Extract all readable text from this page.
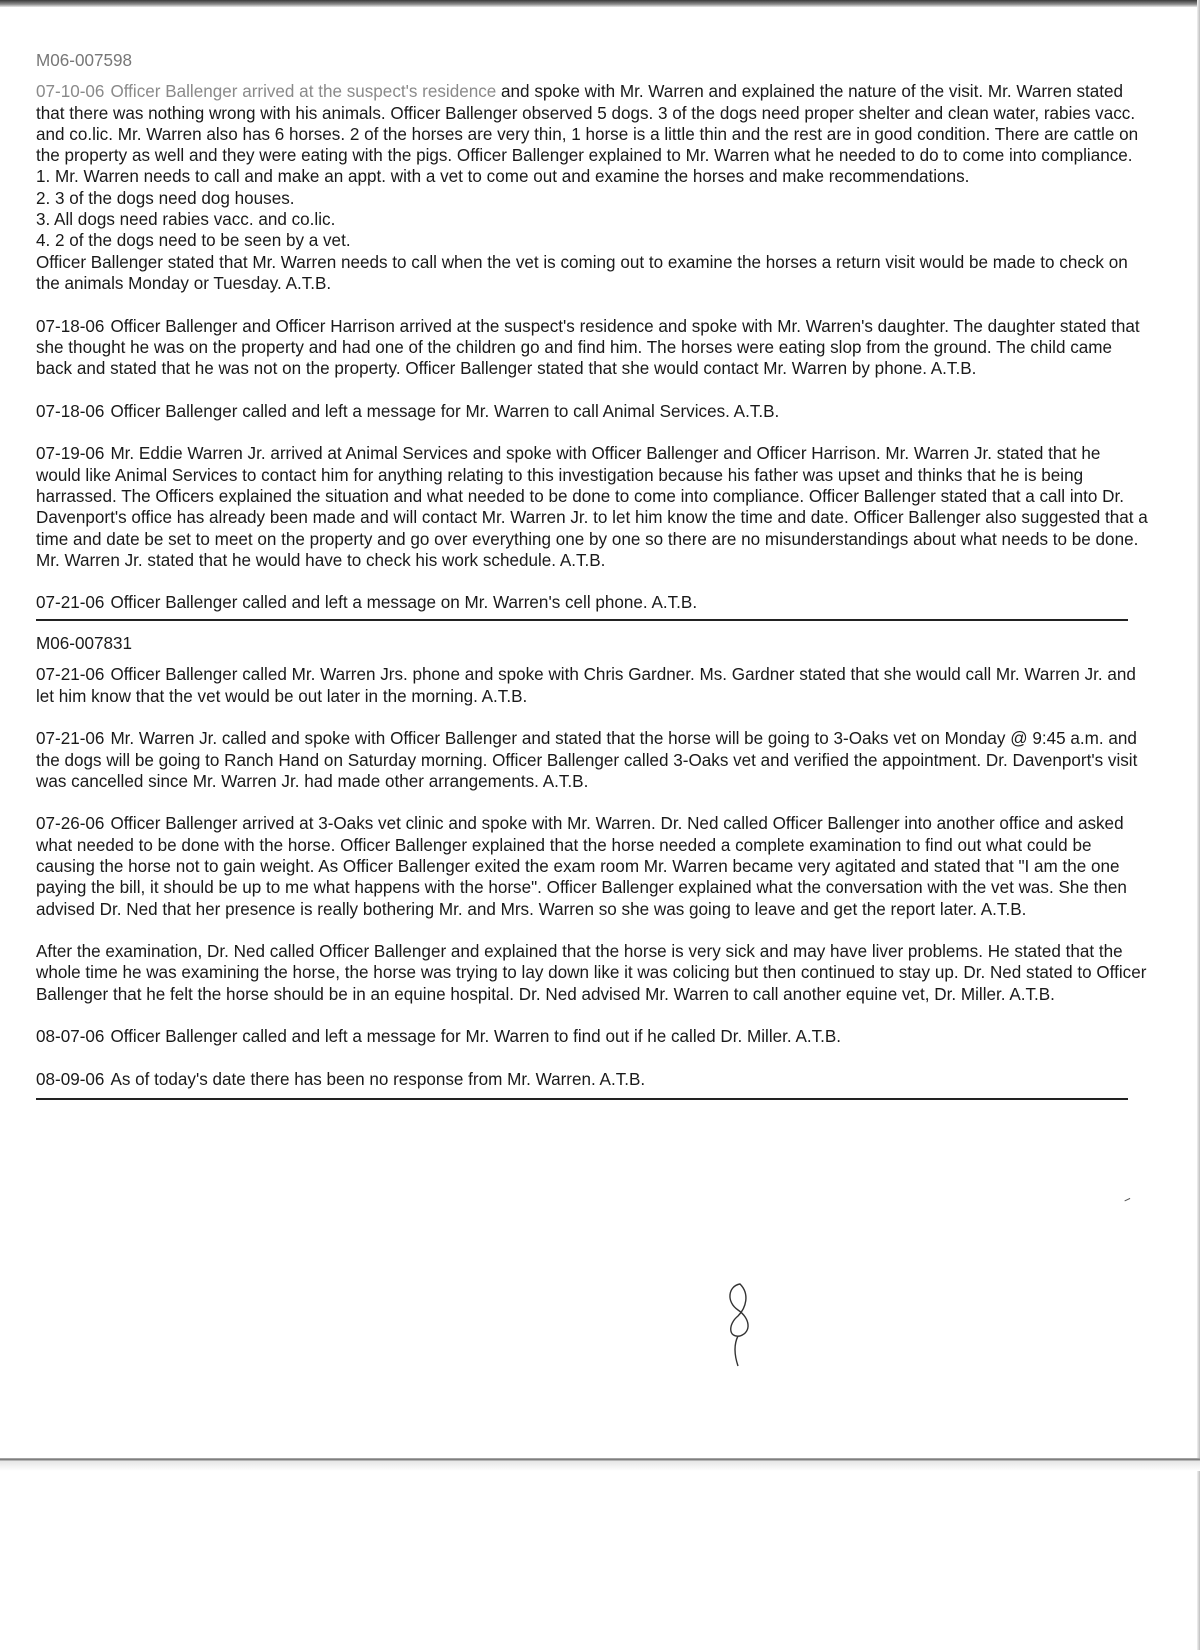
M06-007598
07-10-06 Officer Ballenger arrived at the suspect's residence and spoke with Mr. Warren and explained the nature of the visit. Mr. Warren stated that there was nothing wrong with his animals. Officer Ballenger observed 5 dogs. 3 of the dogs need proper shelter and clean water, rabies vacc. and co.lic. Mr. Warren also has 6 horses. 2 of the horses are very thin, 1 horse is a little thin and the rest are in good condition. There are cattle on the property as well and they were eating with the pigs. Officer Ballenger explained to Mr. Warren what he needed to do to come into compliance.
1. Mr. Warren needs to call and make an appt. with a vet to come out and examine the horses and make recommendations.
2. 3 of the dogs need dog houses.
3. All dogs need rabies vacc. and co.lic.
4. 2 of the dogs need to be seen by a vet.
Officer Ballenger stated that Mr. Warren needs to call when the vet is coming out to examine the horses a return visit would be made to check on the animals Monday or Tuesday. A.T.B.
07-18-06 Officer Ballenger and Officer Harrison arrived at the suspect's residence and spoke with Mr. Warren's daughter. The daughter stated that she thought he was on the property and had one of the children go and find him. The horses were eating slop from the ground. The child came back and stated that he was not on the property. Officer Ballenger stated that she would contact Mr. Warren by phone. A.T.B.
07-18-06 Officer Ballenger called and left a message for Mr. Warren to call Animal Services. A.T.B.
07-19-06 Mr. Eddie Warren Jr. arrived at Animal Services and spoke with Officer Ballenger and Officer Harrison. Mr. Warren Jr. stated that he would like Animal Services to contact him for anything relating to this investigation because his father was upset and thinks that he is being harrassed. The Officers explained the situation and what needed to be done to come into compliance. Officer Ballenger stated that a call into Dr. Davenport's office has already been made and will contact Mr. Warren Jr. to let him know the time and date. Officer Ballenger also suggested that a time and date be set to meet on the property and go over everything one by one so there are no misunderstandings about what needs to be done. Mr. Warren Jr. stated that he would have to check his work schedule. A.T.B.
07-21-06 Officer Ballenger called and left a message on Mr. Warren's cell phone. A.T.B.
M06-007831
07-21-06 Officer Ballenger called Mr. Warren Jrs. phone and spoke with Chris Gardner. Ms. Gardner stated that she would call Mr. Warren Jr. and let him know that the vet would be out later in the morning. A.T.B.
07-21-06 Mr. Warren Jr. called and spoke with Officer Ballenger and stated that the horse will be going to 3-Oaks vet on Monday @ 9:45 a.m. and the dogs will be going to Ranch Hand on Saturday morning. Officer Ballenger called 3-Oaks vet and verified the appointment. Dr. Davenport's visit was cancelled since Mr. Warren Jr. had made other arrangements. A.T.B.
07-26-06 Officer Ballenger arrived at 3-Oaks vet clinic and spoke with Mr. Warren. Dr. Ned called Officer Ballenger into another office and asked what needed to be done with the horse. Officer Ballenger explained that the horse needed a complete examination to find out what could be causing the horse not to gain weight. As Officer Ballenger exited the exam room Mr. Warren became very agitated and stated that "I am the one paying the bill, it should be up to me what happens with the horse". Officer Ballenger explained what the conversation with the vet was. She then advised Dr. Ned that her presence is really bothering Mr. and Mrs. Warren so she was going to leave and get the report later. A.T.B.
After the examination, Dr. Ned called Officer Ballenger and explained that the horse is very sick and may have liver problems. He stated that the whole time he was examining the horse, the horse was trying to lay down like it was colicing but then continued to stay up. Dr. Ned stated to Officer Ballenger that he felt the horse should be in an equine hospital. Dr. Ned advised Mr. Warren to call another equine vet, Dr. Miller. A.T.B.
08-07-06 Officer Ballenger called and left a message for Mr. Warren to find out if he called Dr. Miller. A.T.B.
08-09-06 As of today's date there has been no response from Mr. Warren. A.T.B.
